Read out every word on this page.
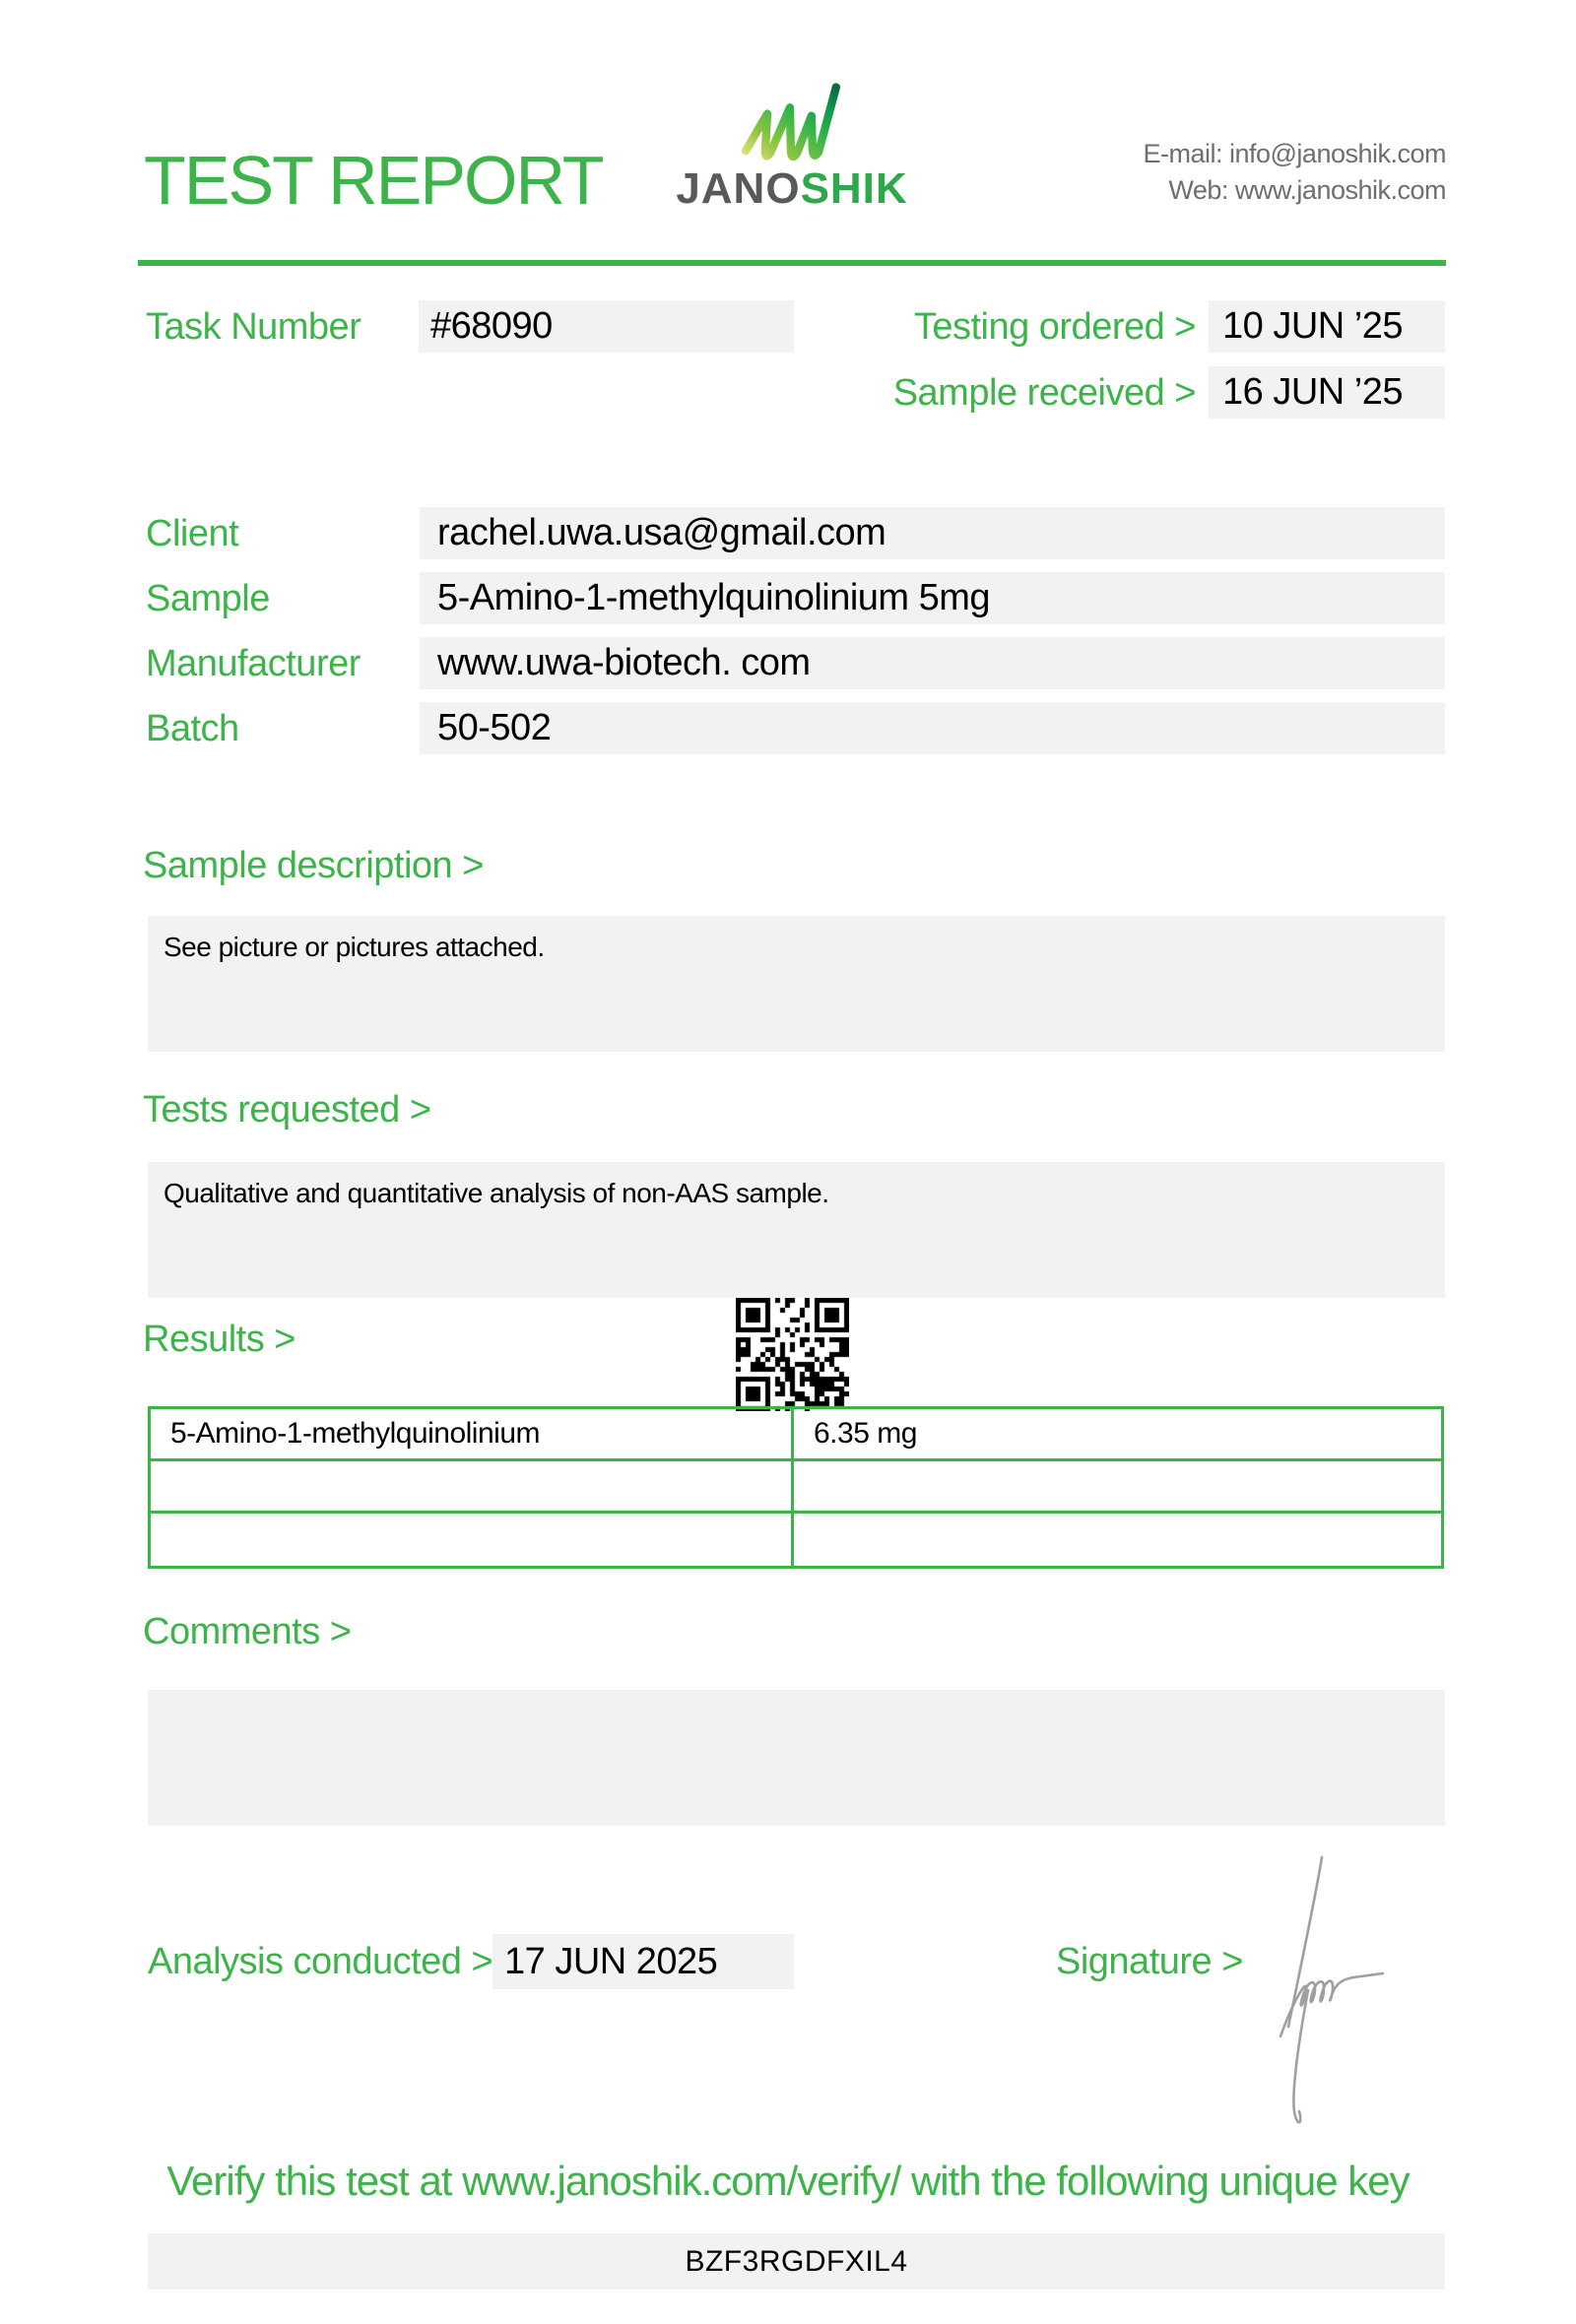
TEST REPORT JANOSHIK
E-mail: info@janoshik.com
Web: www.janoshik.com
Task Number	#68090	Testing ordered > 10 JUN ’25
Sample received > 16 JUN ’25
Client	rachel.uwa.usa@gmail.com
Sample	5-Amino-1-methylquinolinium 5mg
Manufacturer	www.uwa-biotech. com
Batch	50-502
Sample description >
See picture or pictures attached.
Tests requested >
Qualitative and quantitative analysis of non-AAS sample.
Results >
5-Amino-1-methylquinolinium	6.35 mg
Comments >
Analysis conducted > 17 JUN 2025	Signature >
Verify this test at www.janoshik.com/verify/ with the following unique key
BZF3RGDFXIL4
